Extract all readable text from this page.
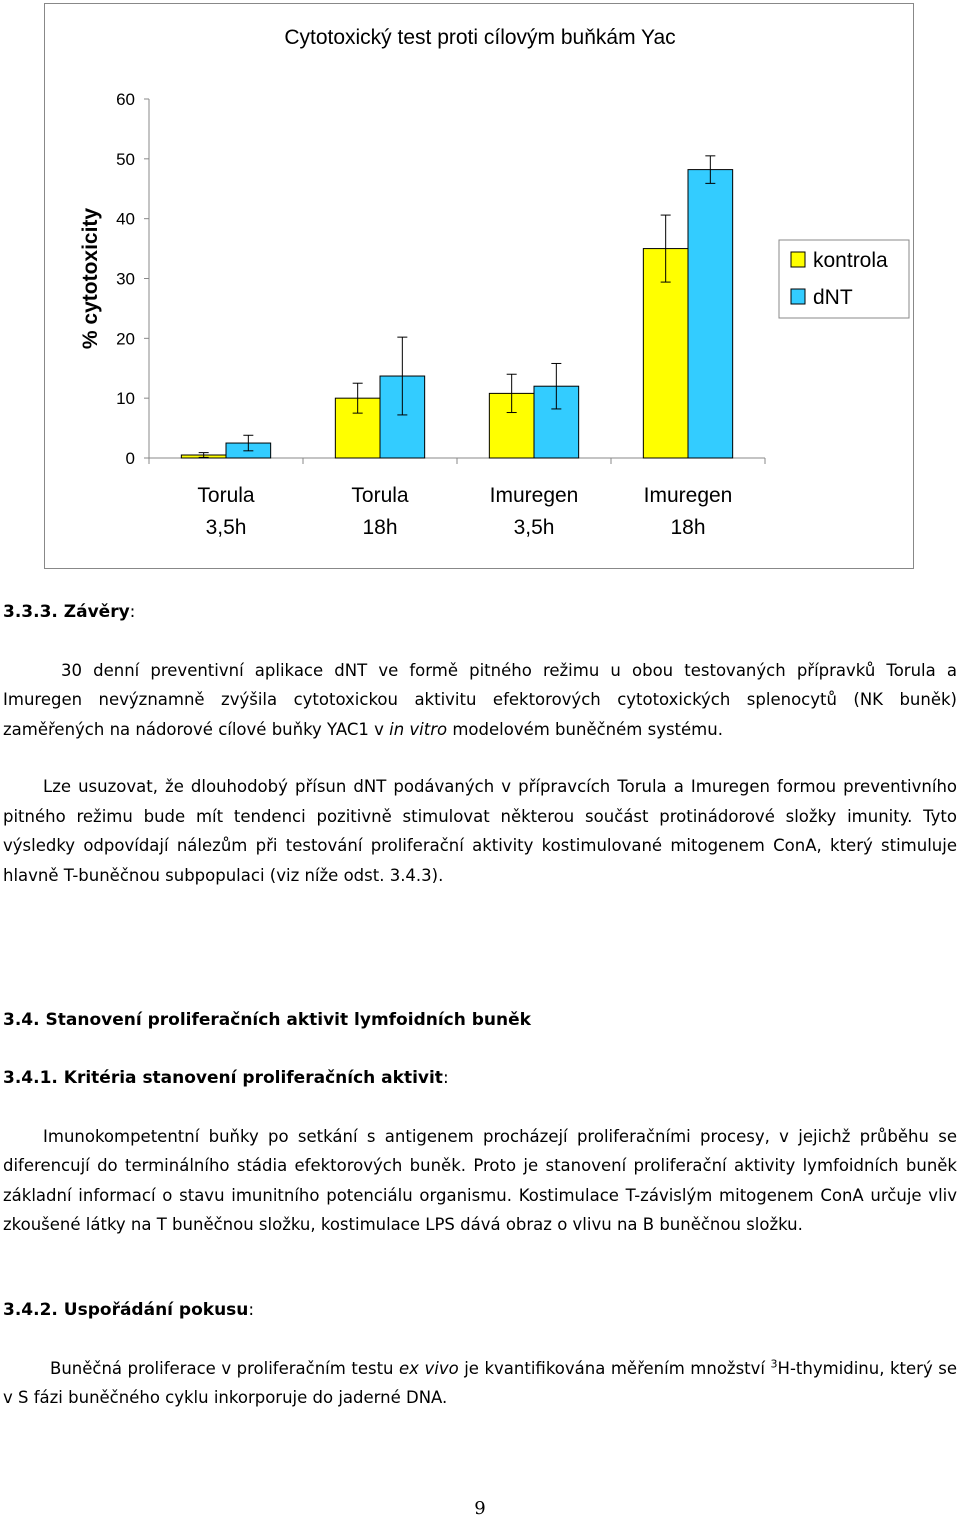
Cytotoxický test proti cílovým buňkám Yac
% cytotoxicity
0
10
20
30
40
50
60
Torula
3,5h
Torula
18h
Imuregen
3,5h
Imuregen
18h
kontrola
dNT

3.3.3. Závěry:

30 denní preventivní aplikace dNT ve formě pitného režimu u obou testovaných přípravků Torula a Imuregen nevýznamně zvýšila cytotoxickou aktivitu efektorových cytotoxických splenocytů (NK buněk) zaměřených na nádorové cílové buňky YAC1 v in vitro modelovém buněčném systému.

Lze usuzovat, že dlouhodobý přísun dNT podávaných v přípravcích Torula a Imuregen formou preventivního pitného režimu bude mít tendenci pozitivně stimulovat některou součást protinádorové složky imunity. Tyto výsledky odpovídají nálezům při testování proliferační aktivity kostimulované mitogenem ConA, který stimuluje hlavně T-buněčnou subpopulaci (viz níže odst. 3.4.3).

3.4. Stanovení proliferačních aktivit lymfoidních buněk

3.4.1. Kritéria stanovení proliferačních aktivit:

Imunokompetentní buňky po setkání s antigenem procházejí proliferačními procesy, v jejichž průběhu se diferencují do terminálního stádia efektorových buněk. Proto je stanovení proliferační aktivity lymfoidních buněk základní informací o stavu imunitního potenciálu organismu. Kostimulace T-závislým mitogenem ConA určuje vliv zkoušené látky na T buněčnou složku, kostimulace LPS dává obraz o vlivu na B buněčnou složku.

3.4.2. Uspořádání pokusu:

Buněčná proliferace v proliferačním testu ex vivo je kvantifikována měřením množství $^3$H-thymidinu, který se v S fázi buněčného cyklu inkorporuje do jaderné DNA.

9
